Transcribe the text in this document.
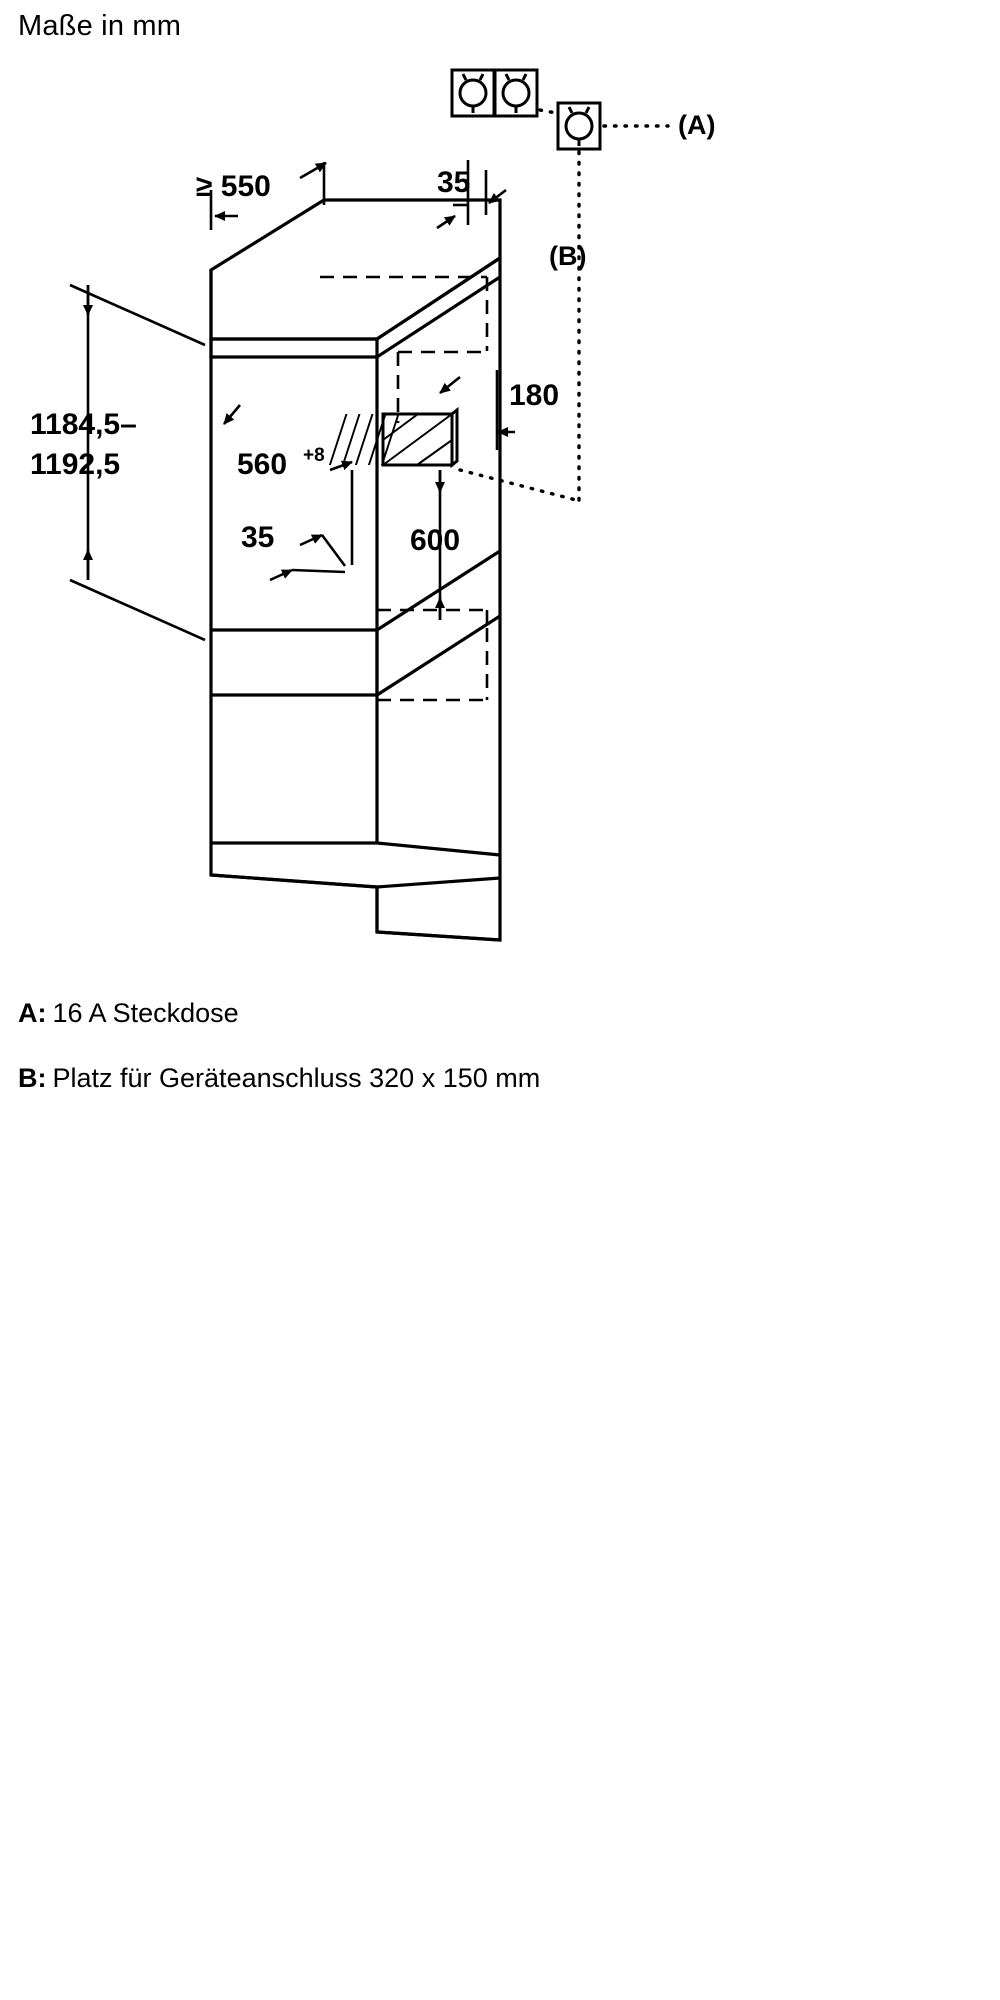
Maße in mm
≥ 550	35
1184,5–
1192,5	560 +8
35
180
600
(A)
(B)
A: 16 A Steckdose
B: Platz für Geräteanschluss 320 x 150 mm
